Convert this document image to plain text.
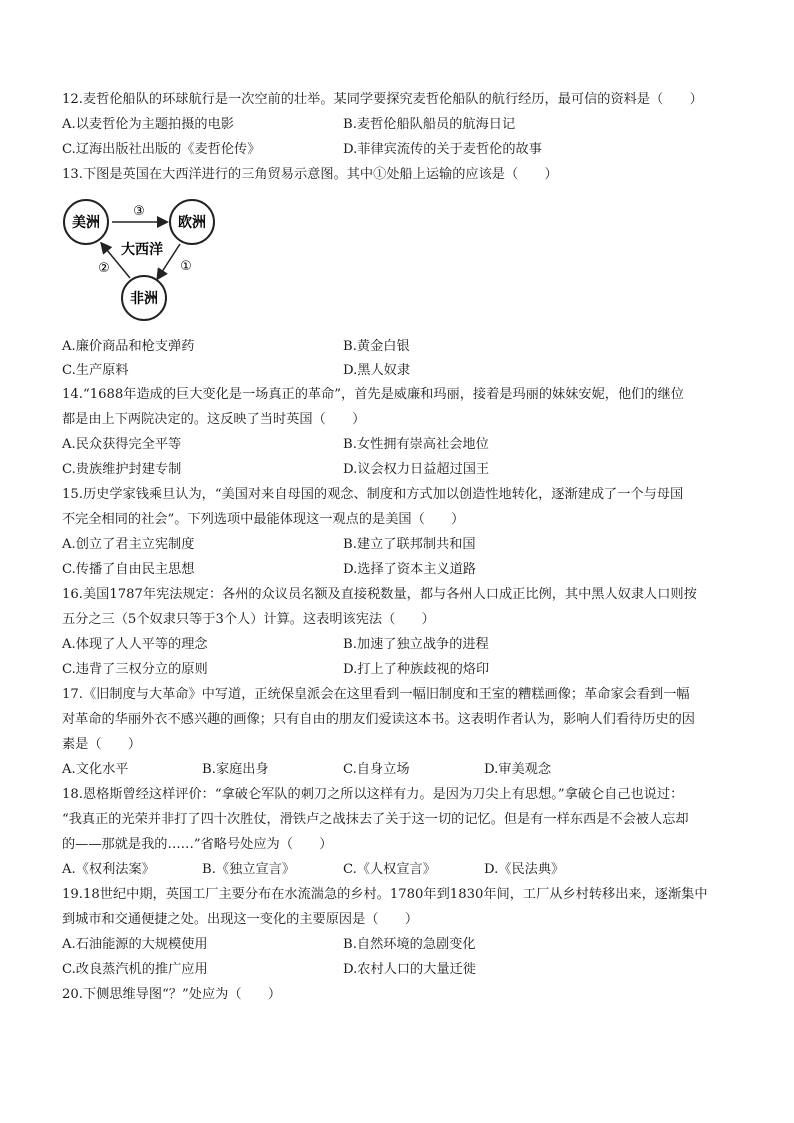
12.麦哲伦船队的环球航行是一次空前的壮举。某同学要探究麦哲伦船队的航行经历，最可信的资料是（　　）
A.以麦哲伦为主题拍摄的电影	B.麦哲伦船队船员的航海日记
C.辽海出版社出版的《麦哲伦传》	D.菲律宾流传的关于麦哲伦的故事
13.下图是英国在大西洋进行的三角贸易示意图。其中①处船上运输的应该是（　　）
美洲	欧洲
非洲
大西洋
③
①
②
A.廉价商品和枪支弹药	B.黄金白银
C.生产原料	D.黑人奴隶
14.“1688年造成的巨大变化是一场真正的革命”，首先是威廉和玛丽，接着是玛丽的妹妹安妮，他们的继位
都是由上下两院决定的。这反映了当时英国（　　）
A.民众获得完全平等	B.女性拥有崇高社会地位
C.贵族维护封建专制	D.议会权力日益超过国王
15.历史学家钱乘旦认为，“美国对来自母国的观念、制度和方式加以创造性地转化，逐渐建成了一个与母国
不完全相同的社会”。下列选项中最能体现这一观点的是美国（　　）
A.创立了君主立宪制度	B.建立了联邦制共和国
C.传播了自由民主思想	D.选择了资本主义道路
16.美国1787年宪法规定：各州的众议员名额及直接税数量，都与各州人口成正比例，其中黑人奴隶人口则按
五分之三（5个奴隶只等于3个人）计算。这表明该宪法（　　）
A.体现了人人平等的理念	B.加速了独立战争的进程
C.违背了三权分立的原则	D.打上了种族歧视的烙印
17.《旧制度与大革命》中写道，正统保皇派会在这里看到一幅旧制度和王室的糟糕画像；革命家会看到一幅
对革命的华丽外衣不感兴趣的画像；只有自由的朋友们爱读这本书。这表明作者认为，影响人们看待历史的因
素是（　　）
A.文化水平	B.家庭出身	C.自身立场	D.审美观念
18.恩格斯曾经这样评价：“拿破仑军队的刺刀之所以这样有力。是因为刀尖上有思想。”拿破仑自己也说过：
“我真正的光荣并非打了四十次胜仗，滑铁卢之战抹去了关于这一切的记忆。但是有一样东西是不会被人忘却
的——那就是我的……”省略号处应为（　　）
A.《权利法案》	B.《独立宣言》	C.《人权宣言》	D.《民法典》
19.18世纪中期，英国工厂主要分布在水流湍急的乡村。1780年到1830年间，工厂从乡村转移出来，逐渐集中
到城市和交通便捷之处。出现这一变化的主要原因是（　　）
A.石油能源的大规模使用	B.自然环境的急剧变化
C.改良蒸汽机的推广应用	D.农村人口的大量迁徙
20.下侧思维导图“？”处应为（　　）
